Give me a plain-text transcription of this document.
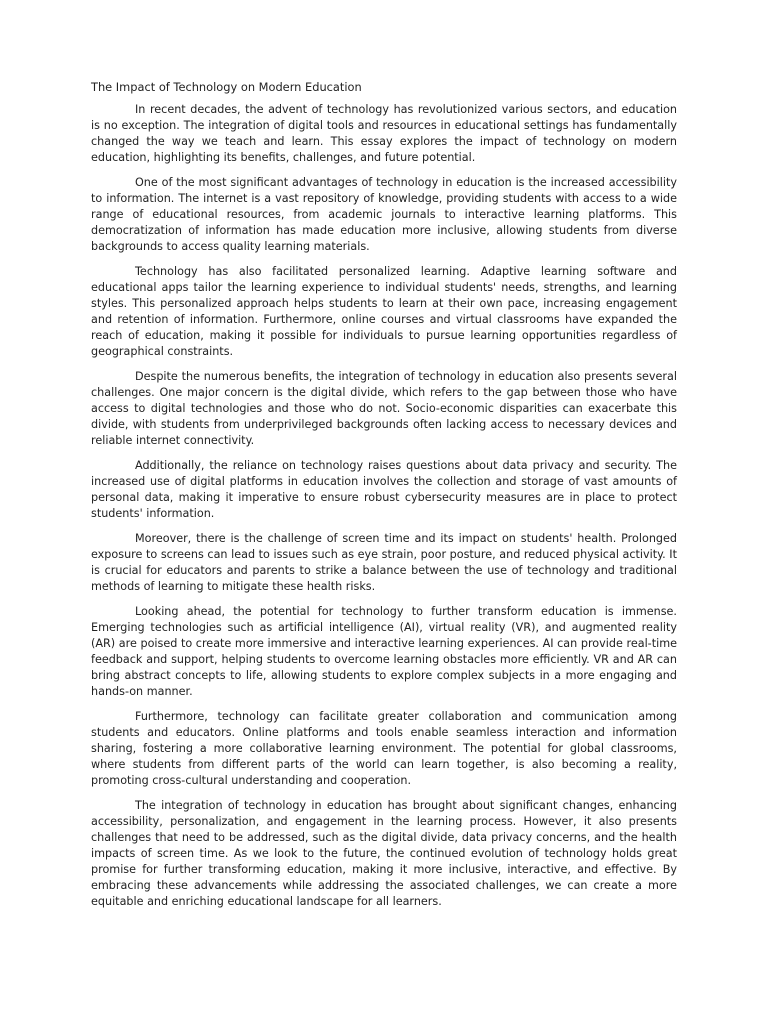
The Impact of Technology on Modern Education

In recent decades, the advent of technology has revolutionized various sectors, and education is no exception. The integration of digital tools and resources in educational settings has fundamentally changed the way we teach and learn. This essay explores the impact of technology on modern education, highlighting its benefits, challenges, and future potential.

One of the most significant advantages of technology in education is the increased accessibility to information. The internet is a vast repository of knowledge, providing students with access to a wide range of educational resources, from academic journals to interactive learning platforms. This democratization of information has made education more inclusive, allowing students from diverse backgrounds to access quality learning materials.

Technology has also facilitated personalized learning. Adaptive learning software and educational apps tailor the learning experience to individual students' needs, strengths, and learning styles. This personalized approach helps students to learn at their own pace, increasing engagement and retention of information. Furthermore, online courses and virtual classrooms have expanded the reach of education, making it possible for individuals to pursue learning opportunities regardless of geographical constraints.

Despite the numerous benefits, the integration of technology in education also presents several challenges. One major concern is the digital divide, which refers to the gap between those who have access to digital technologies and those who do not. Socio-economic disparities can exacerbate this divide, with students from underprivileged backgrounds often lacking access to necessary devices and reliable internet connectivity.

Additionally, the reliance on technology raises questions about data privacy and security. The increased use of digital platforms in education involves the collection and storage of vast amounts of personal data, making it imperative to ensure robust cybersecurity measures are in place to protect students' information.

Moreover, there is the challenge of screen time and its impact on students' health. Prolonged exposure to screens can lead to issues such as eye strain, poor posture, and reduced physical activity. It is crucial for educators and parents to strike a balance between the use of technology and traditional methods of learning to mitigate these health risks.

Looking ahead, the potential for technology to further transform education is immense. Emerging technologies such as artificial intelligence (AI), virtual reality (VR), and augmented reality (AR) are poised to create more immersive and interactive learning experiences. AI can provide real-time feedback and support, helping students to overcome learning obstacles more efficiently. VR and AR can bring abstract concepts to life, allowing students to explore complex subjects in a more engaging and hands-on manner.

Furthermore, technology can facilitate greater collaboration and communication among students and educators. Online platforms and tools enable seamless interaction and information sharing, fostering a more collaborative learning environment. The potential for global classrooms, where students from different parts of the world can learn together, is also becoming a reality, promoting cross-cultural understanding and cooperation.

The integration of technology in education has brought about significant changes, enhancing accessibility, personalization, and engagement in the learning process. However, it also presents challenges that need to be addressed, such as the digital divide, data privacy concerns, and the health impacts of screen time. As we look to the future, the continued evolution of technology holds great promise for further transforming education, making it more inclusive, interactive, and effective. By embracing these advancements while addressing the associated challenges, we can create a more equitable and enriching educational landscape for all learners.
